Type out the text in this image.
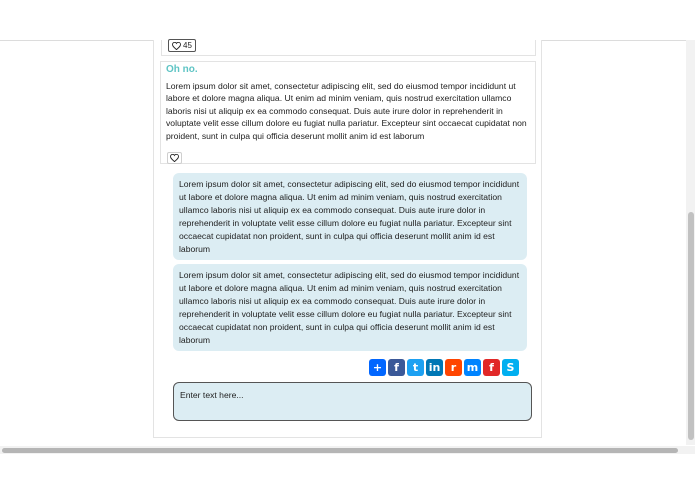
45
Oh no.
Lorem ipsum dolor sit amet, consectetur adipiscing elit, sed do eiusmod tempor incididunt ut labore et dolore magna aliqua. Ut enim ad minim veniam, quis nostrud exercitation ullamco laboris nisi ut aliquip ex ea commodo consequat. Duis aute irure dolor in reprehenderit in voluptate velit esse cillum dolore eu fugiat nulla pariatur. Excepteur sint occaecat cupidatat non proident, sunt in culpa qui officia deserunt mollit anim id est laborum
Lorem ipsum dolor sit amet, consectetur adipiscing elit, sed do eiusmod tempor incididunt ut labore et dolore magna aliqua. Ut enim ad minim veniam, quis nostrud exercitation ullamco laboris nisi ut aliquip ex ea commodo consequat. Duis aute irure dolor in reprehenderit in voluptate velit esse cillum dolore eu fugiat nulla pariatur. Excepteur sint occaecat cupidatat non proident, sunt in culpa qui officia deserunt mollit anim id est laborum
Lorem ipsum dolor sit amet, consectetur adipiscing elit, sed do eiusmod tempor incididunt ut labore et dolore magna aliqua. Ut enim ad minim veniam, quis nostrud exercitation ullamco laboris nisi ut aliquip ex ea commodo consequat. Duis aute irure dolor in reprehenderit in voluptate velit esse cillum dolore eu fugiat nulla pariatur. Excepteur sint occaecat cupidatat non proident, sunt in culpa qui officia deserunt mollit anim id est laborum
+ f t in r m f S
Enter text here...
